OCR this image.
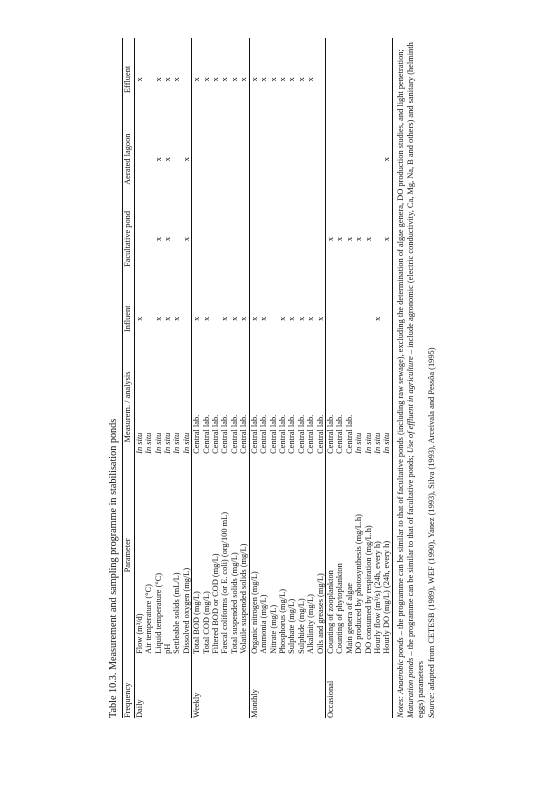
Table 10.3. Measurement and sampling programme in stabilisation ponds Frequency	Parameter	Measurem. / analysis	Influent	Facultative pond	Aerated lagoon	Effluent
Daily	Flow (m³/d)	In situ	x			x
	Air temperature (°C)	In situ				
	Liquid temperature (°C)	In situ	x	x	x	x
	pH	In situ	x	x	x	x
	Settleable solids (mL/L)	In situ	x			x
	Dissolved oxygen (mg/L)	In situ		x	x	
Weekly	Total BOD (mg/L)	Central lab.	x			x
	Total COD (mg/L)	Central lab.	x			x
	Filtered BOD or COD (mg/L)	Central lab.				x
	Faecal coliforms (or E. coli) (org/100 mL)	Central lab.	x			x
	Total suspended solids (mg/L)	Central lab.	x			x
	Volatile suspended solids (mg/L)	Central lab.	x			x
Monthly	Organic nitrogen (mg/L)	Central lab.	x			x
	Ammonia (mg/L)	Central lab.	x			x
	Nitrate (mg/L)	Central lab.				x
	Phosphorus (mg/L)	Central lab.	x			x
	Sulphate (mg/L)	Central lab.	x			x
	Sulphide (mg/L)	Central lab.	x			x
	Alkalinity (mg/L)	Central lab.	x			x
	Oils and greases (mg/L)	Central lab.	x			
Occasional	Counting of zooplankton	Central lab.		x		
	Counting of phytoplankton	Central lab.		x		
	Main genera of algae	Central lab.		x		
	DO produced by photosynthesis (mg/L.h)	In situ		x		
	DO consumed by respiration (mg/L.h)	In situ		x		
	Hourly flow (m³/s) (24h, every h)	In situ	x			
	Hourly DO (mg/L) (24h, every h)	In situ		x	x	
Notes: Anaerobic ponds – the programme can be similar to that of facultative ponds (including raw sewage), excluding the determination of algae genera, DO production studies, and light penetration; Maturation ponds – the programme can be similar to that of facultative ponds; Use of effluent in agriculture – include agronomic (electric conductivity, Ca, Mg, Na, B and others) and sanitary (helminth eggs) parameters
Source: adapted from CETESB (1989), WEF (1990), Yanez (1993), Silva (1993), Arceivala and Pessôa (1995)
